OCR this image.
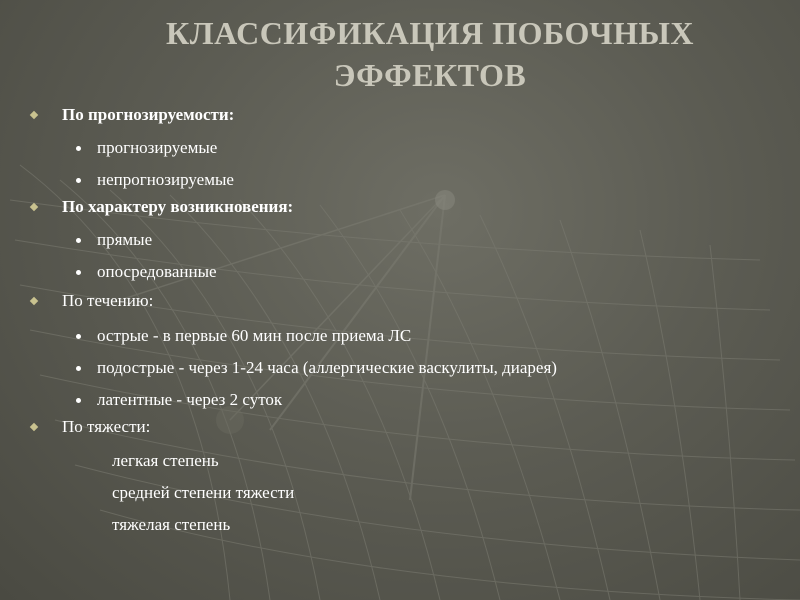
КЛАССИФИКАЦИЯ ПОБОЧНЫХ
ЭФФЕКТОВ
По прогнозируемости:
прогнозируемые
непрогнозируемые
По характеру возникновения:
прямые
опосредованные
По течению:
острые - в первые 60 мин после приема ЛС
подострые - через 1-24 часа (аллергические васкулиты, диарея)
латентные - через 2 суток
По тяжести:
легкая степень
средней степени тяжести
тяжелая степень
